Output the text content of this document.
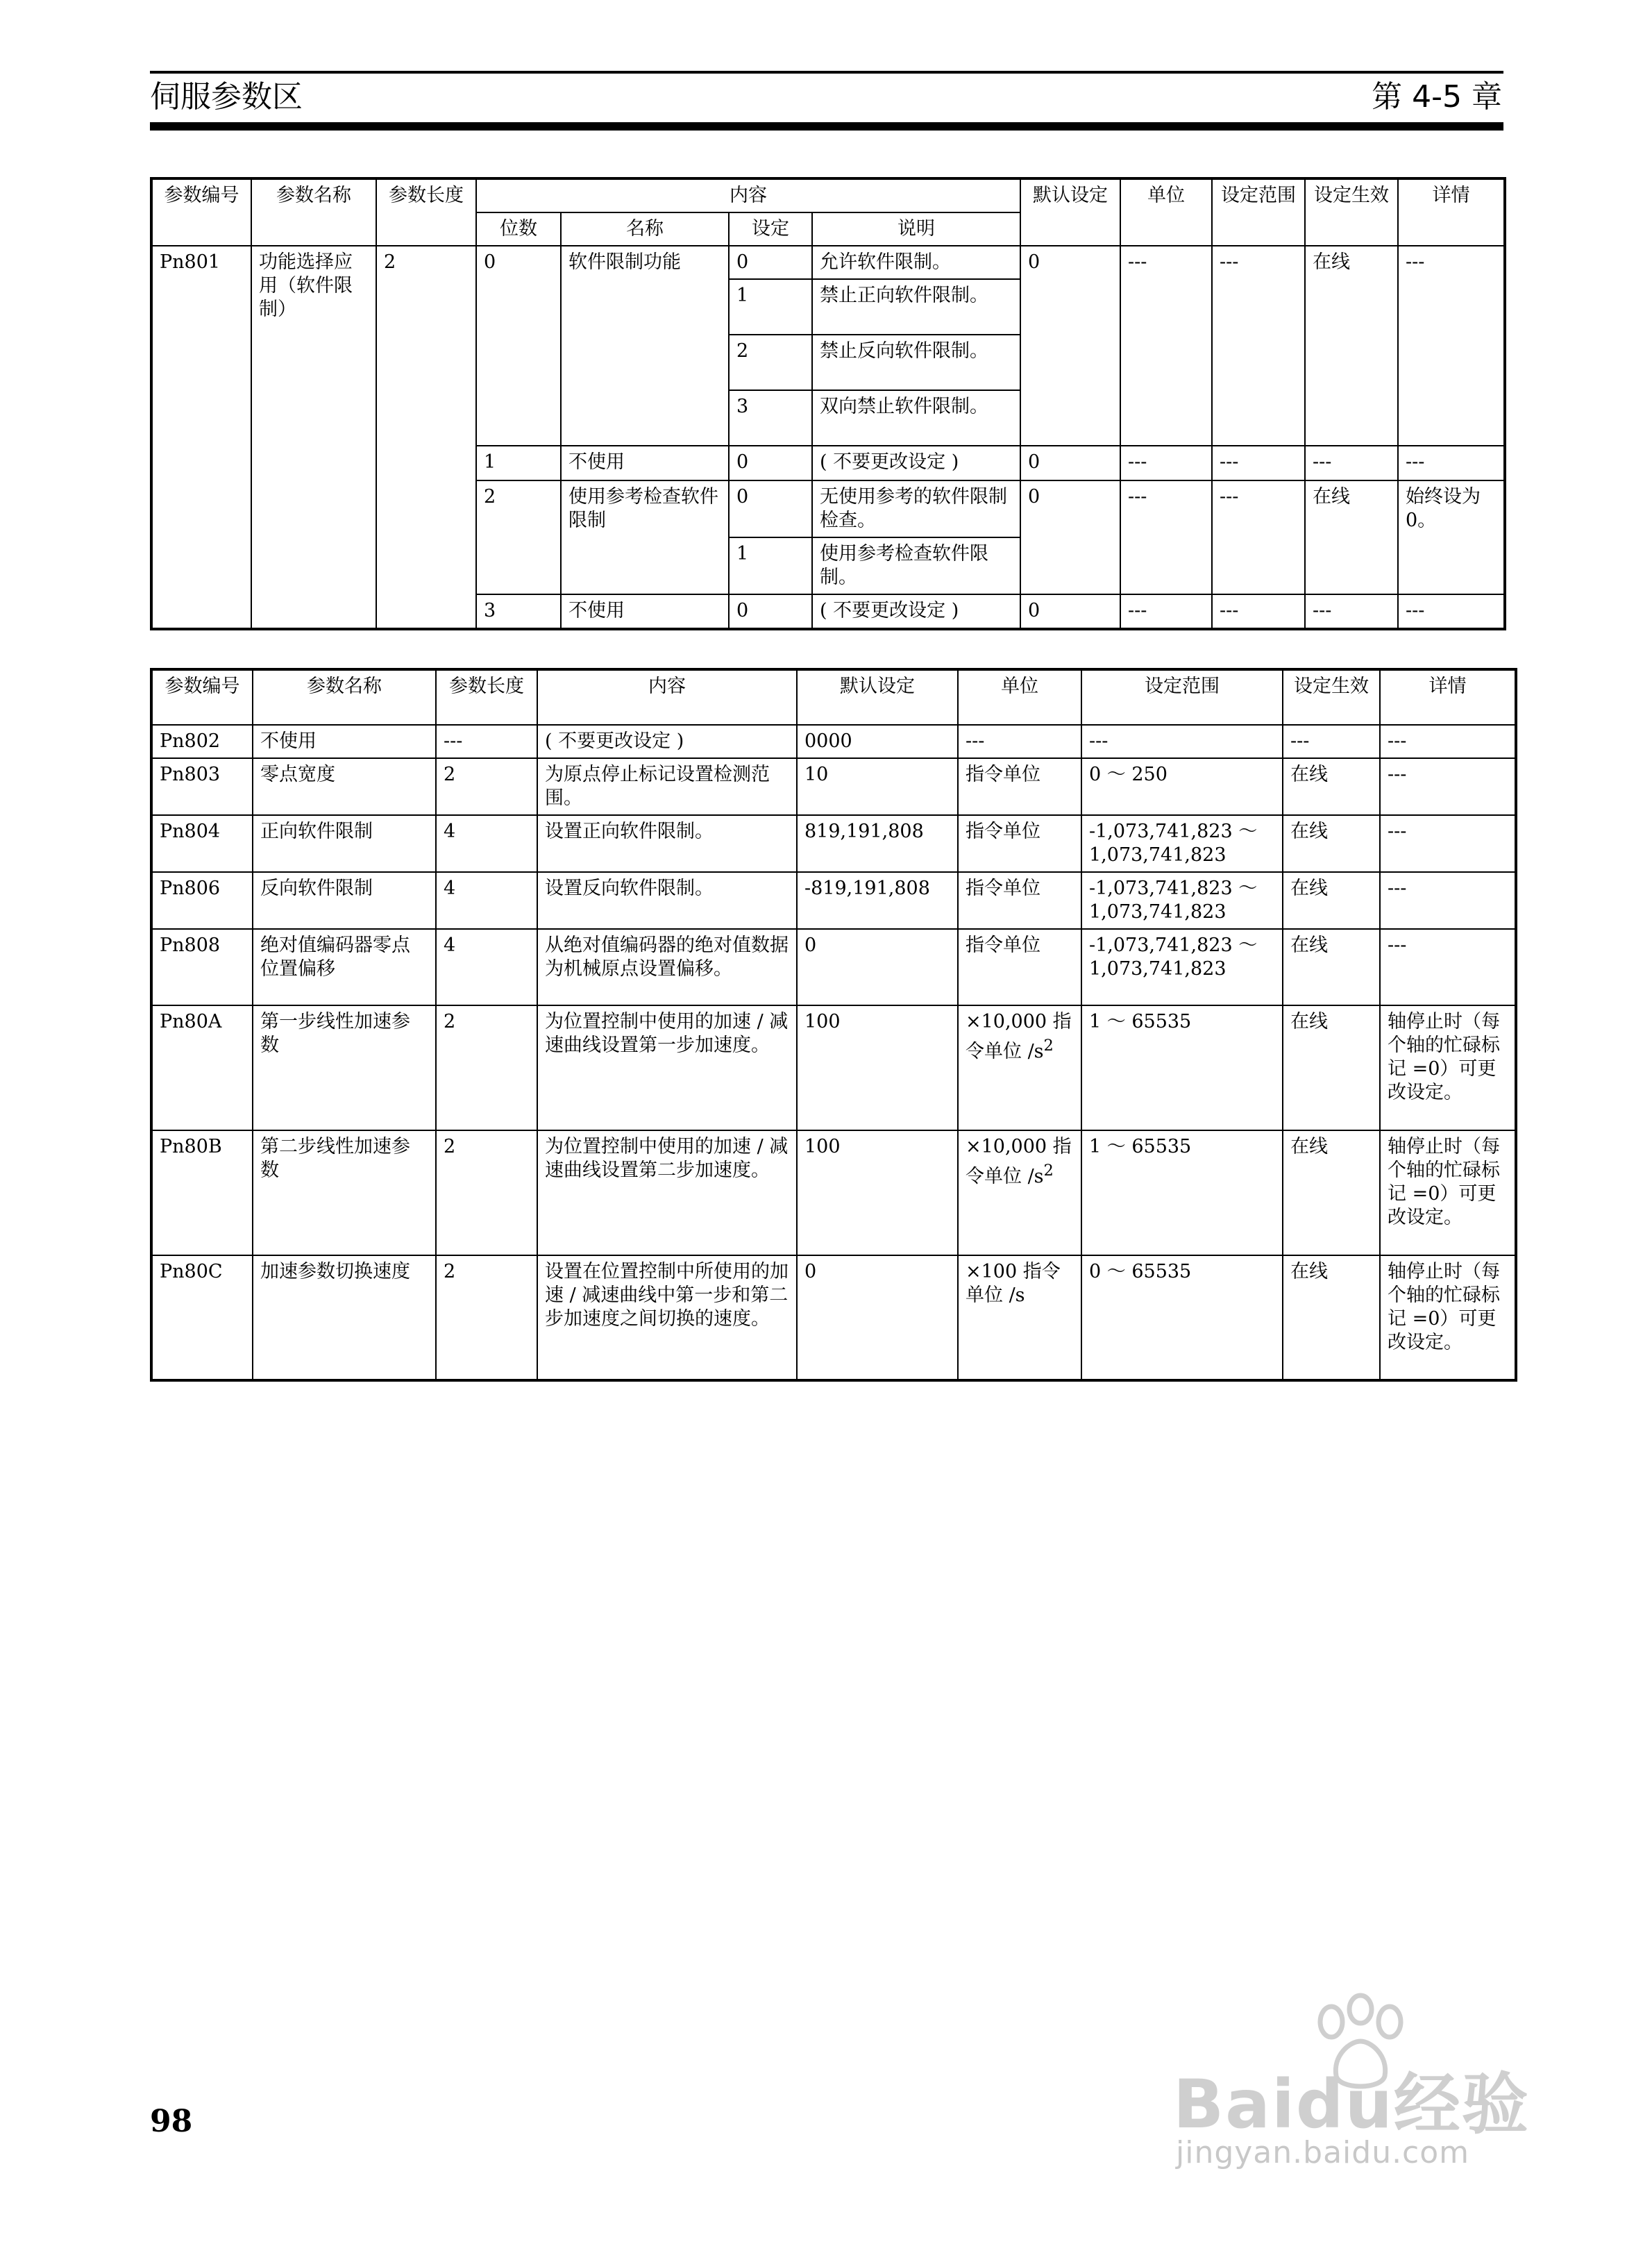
伺服参数区	第 4-5 章
参数编号	参数名称	参数长度	内容				默认设定	单位	设定范围	设定生效	详情
			位数	名称	设定	说明					
Pn801	功能选择应用（软件限制）	2	0	软件限制功能	0	允许软件限制。	0	---	---	在线	---
					1	禁止正向软件限制。					
					2	禁止反向软件限制。					
					3	双向禁止软件限制。					
			1	不使用	0	( 不要更改设定 )	0	---	---	---	---
			2	使用参考检查软件限制	0	无使用参考的软件限制检查。	0	---	---	在线	始终设为 0。
					1	使用参考检查软件限制。					
			3	不使用	0	( 不要更改设定 )	0	---	---	---	---
参数编号	参数名称	参数长度	内容	默认设定	单位	设定范围	设定生效	详情
Pn802	不使用	---	( 不要更改设定 )	0000	---	---	---	---
Pn803	零点宽度	2	为原点停止标记设置检测范围。	10	指令单位	0 ～ 250	在线	---
Pn804	正向软件限制	4	设置正向软件限制。	819,191,808	指令单位	-1,073,741,823 ～ 1,073,741,823	在线	---
Pn806	反向软件限制	4	设置反向软件限制。	-819,191,808	指令单位	-1,073,741,823 ～ 1,073,741,823	在线	---
Pn808	绝对值编码器零点位置偏移	4	从绝对值编码器的绝对值数据为机械原点设置偏移。	0	指令单位	-1,073,741,823 ～ 1,073,741,823	在线	---
Pn80A	第一步线性加速参数	2	为位置控制中使用的加速 / 减速曲线设置第一步加速度。	100	×10,000 指令单位 $/s^2$	1 ～ 65535	在线	轴停止时（每个轴的忙碌标记 =0）可更改设定。
Pn80B	第二步线性加速参数	2	为位置控制中使用的加速 / 减速曲线设置第二步加速度。	100	×10,000 指令单位 $/s^2$	1 ～ 65535	在线	轴停止时（每个轴的忙碌标记 =0）可更改设定。
Pn80C	加速参数切换速度	2	设置在位置控制中所使用的加速 / 减速曲线中第一步和第二步加速度之间切换的速度。	0	×100 指令单位 /s	0 ～ 65535	在线	轴停止时（每个轴的忙碌标记 =0）可更改设定。
98	Baidu经验
jingyan.baidu.com
